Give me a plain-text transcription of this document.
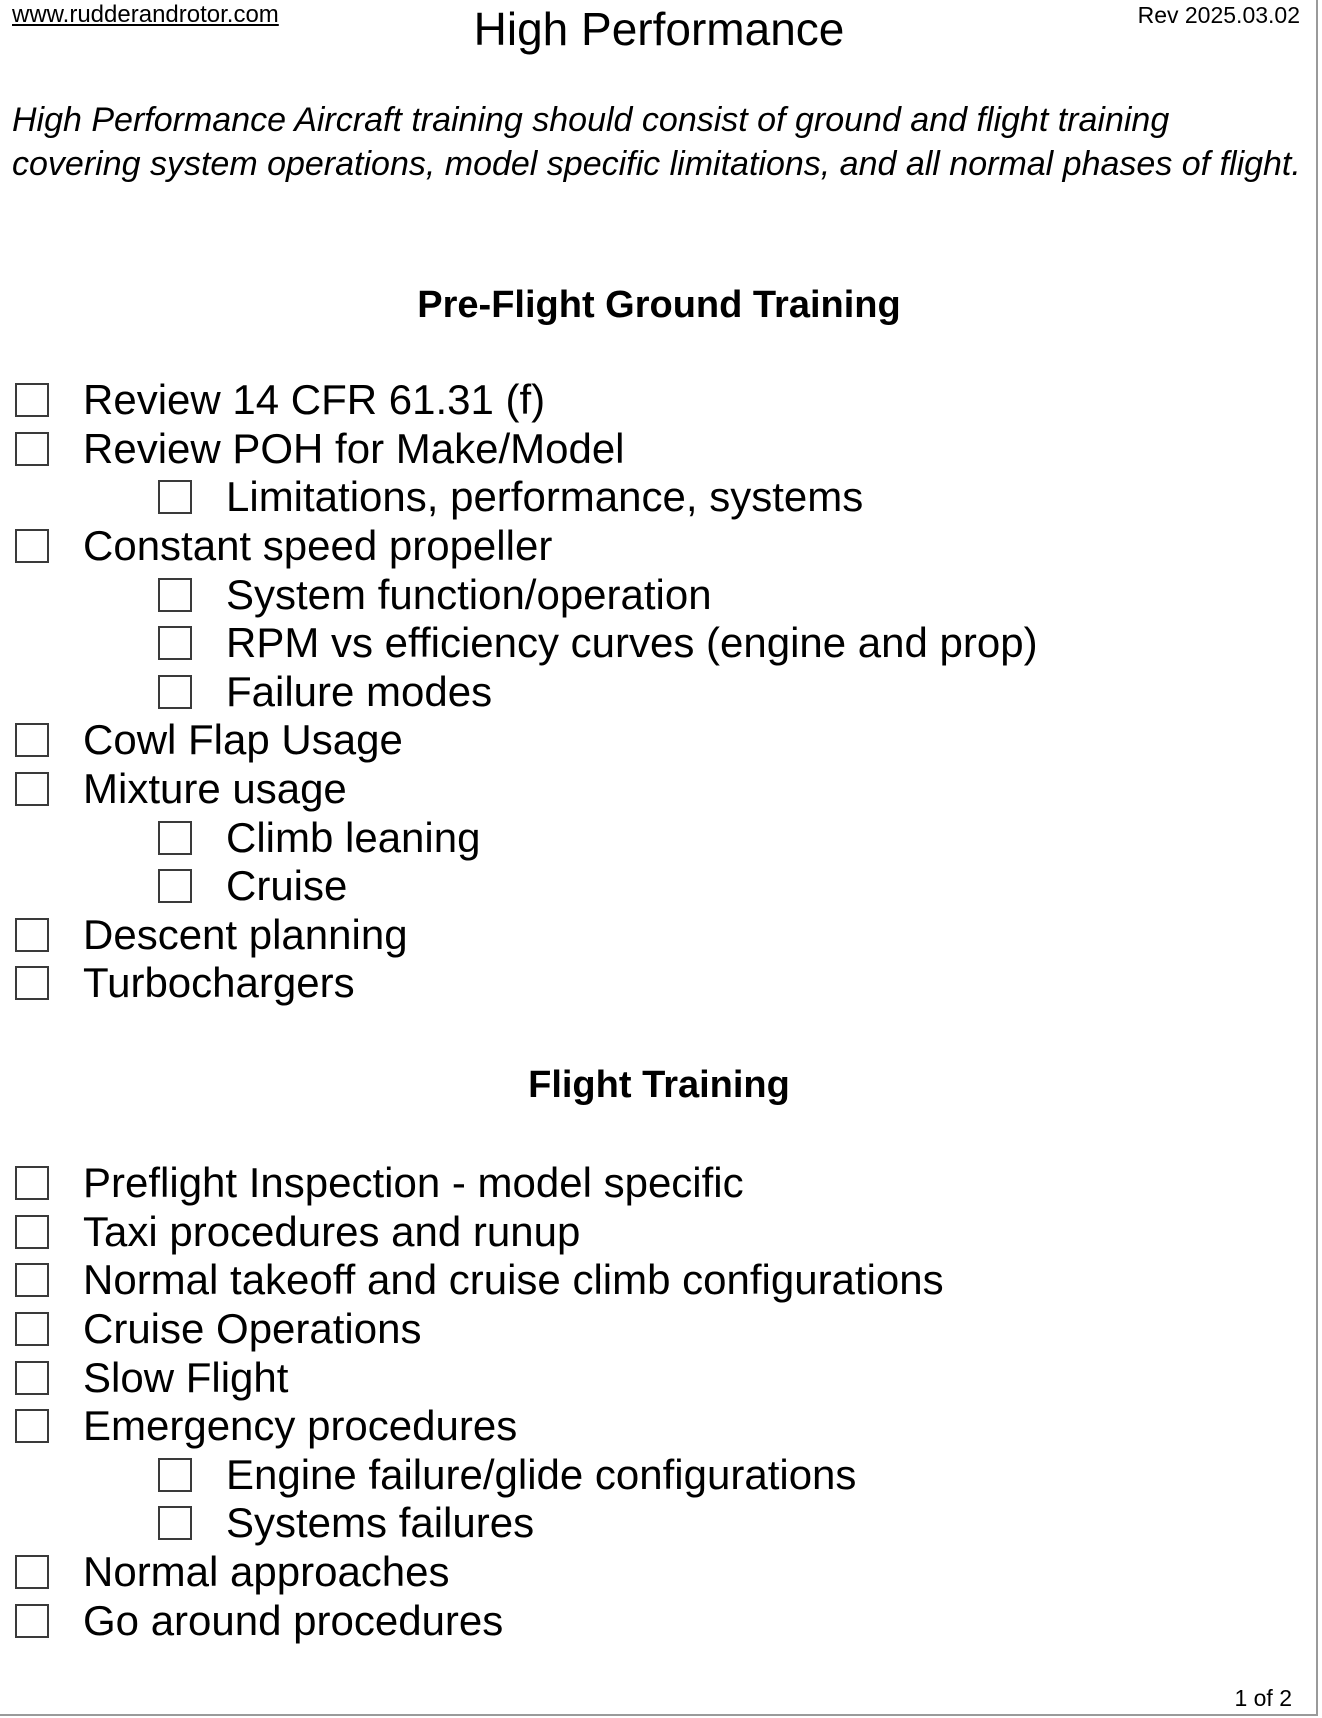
www.rudderandrotor.com	High Performance	Rev 2025.03.02

High Performance Aircraft training should consist of ground and flight training covering system operations, model specific limitations, and all normal phases of flight.

Pre-Flight Ground Training
Review 14 CFR 61.31 (f)
Review POH for Make/Model
Limitations, performance, systems
Constant speed propeller
System function/operation
RPM vs efficiency curves (engine and prop)
Failure modes
Cowl Flap Usage
Mixture usage
Climb leaning
Cruise
Descent planning
Turbochargers
Flight Training
Preflight Inspection - model specific
Taxi procedures and runup
Normal takeoff and cruise climb configurations
Cruise Operations
Slow Flight
Emergency procedures
Engine failure/glide configurations
Systems failures
Normal approaches
Go around procedures
1 of 2
